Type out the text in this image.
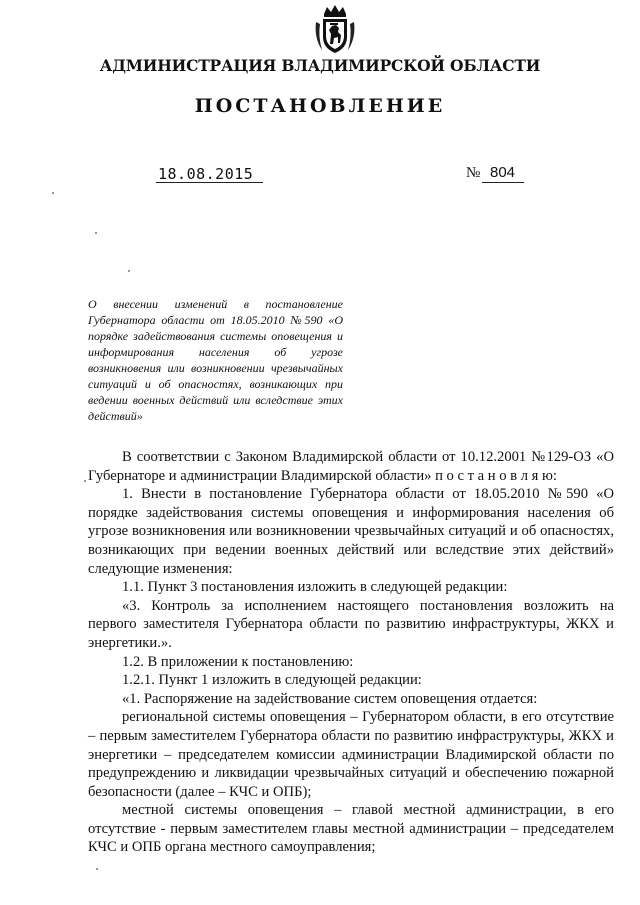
АДМИНИСТРАЦИЯ ВЛАДИМИРСКОЙ ОБЛАСТИ
ПОСТАНОВЛЕНИЕ
18.08.2015	№ 804
О внесении изменений в постановление Губернатора области от 18.05.2010 №590 «О порядке задействования системы оповещения и информирования населения об угрозе возникновения или возникновении чрезвычайных ситуаций и об опасностях, возникающих при ведении военных действий или вследствие этих действий»

В соответствии с Законом Владимирской области от 10.12.2001 №129-ОЗ «О Губернаторе и администрации Владимирской области» п о с т а н о в л я ю:

1. Внести в постановление Губернатора области от 18.05.2010 №590 «О порядке задействования системы оповещения и информирования населения об угрозе возникновения или возникновении чрезвычайных ситуаций и об опасностях, возникающих при ведении военных действий или вследствие этих действий» следующие изменения:

1.1. Пункт 3 постановления изложить в следующей редакции:

«3. Контроль за исполнением настоящего постановления возложить на первого заместителя Губернатора области по развитию инфраструктуры, ЖКХ и энергетики.».

1.2. В приложении к постановлению:

1.2.1. Пункт 1 изложить в следующей редакции:

«1. Распоряжение на задействование систем оповещения отдается:

региональной системы оповещения – Губернатором области, в его отсутствие – первым заместителем Губернатора области по развитию инфраструктуры, ЖКХ и энергетики – председателем комиссии администрации Владимирской области по предупреждению и ликвидации чрезвычайных ситуаций и обеспечению пожарной безопасности (далее – КЧС и ОПБ);

местной системы оповещения – главой местной администрации, в его отсутствие - первым заместителем главы местной администрации – председателем КЧС и ОПБ органа местного самоуправления;
